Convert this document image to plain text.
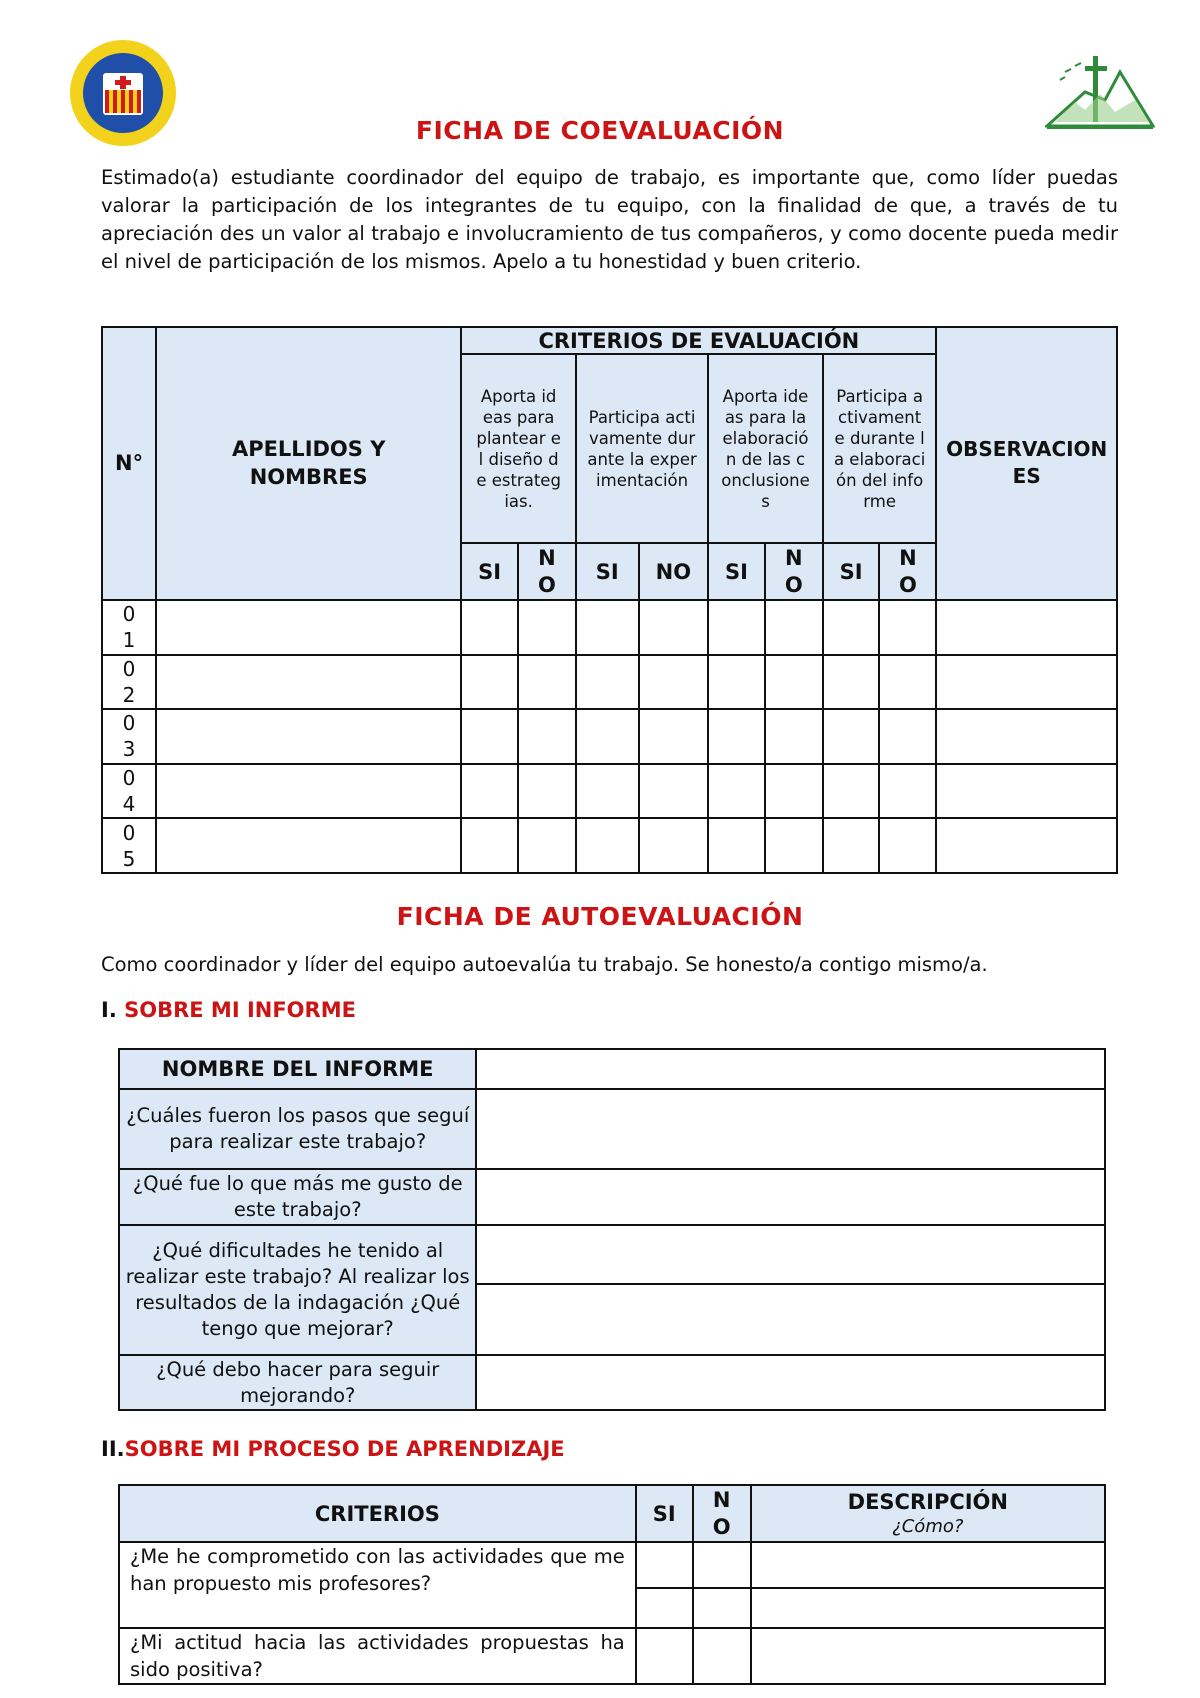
FICHA DE COEVALUACIÓN
Estimado(a) estudiante coordinador del equipo de trabajo, es importante que, como líder puedas valorar la participación de los integrantes de tu equipo, con la finalidad de que, a través de tu apreciación des un valor al trabajo e involucramiento de tus compañeros, y como docente pueda medir el nivel de participación de los mismos. Apelo a tu honestidad y buen criterio.
N°	APELLIDOS Y NOMBRES	CRITERIOS DE EVALUACIÓN								OBSERVACIONES
		Aporta ideas para plantear el diseño de estrategias.		Participa activamente durante la experimentación		Aporta ideas para la elaboración de las conclusiones		Participa activamente durante la elaboración del informe		
		SI	NO	SI	NO	SI	NO	SI	NO	
01										
02										
03										
04										
05										
FICHA DE AUTOEVALUACIÓN
Como coordinador y líder del equipo autoevalúa tu trabajo. Se honesto/a contigo mismo/a.
I. SOBRE MI INFORME
NOMBRE DEL INFORME	
¿Cuáles fueron los pasos que seguí para realizar este trabajo?	
¿Qué fue lo que más me gusto de este trabajo?	
¿Qué dificultades he tenido al realizar este trabajo? Al realizar los resultados de la indagación ¿Qué tengo que mejorar?	

¿Qué debo hacer para seguir mejorando?	
II.SOBRE MI PROCESO DE APRENDIZAJE
CRITERIOS	SI	NO	DESCRIPCIÓN
¿Cómo?

¿Me he comprometido con las actividades que me han propuesto mis profesores?			

¿Mi actitud hacia las actividades propuestas ha sido positiva?			
